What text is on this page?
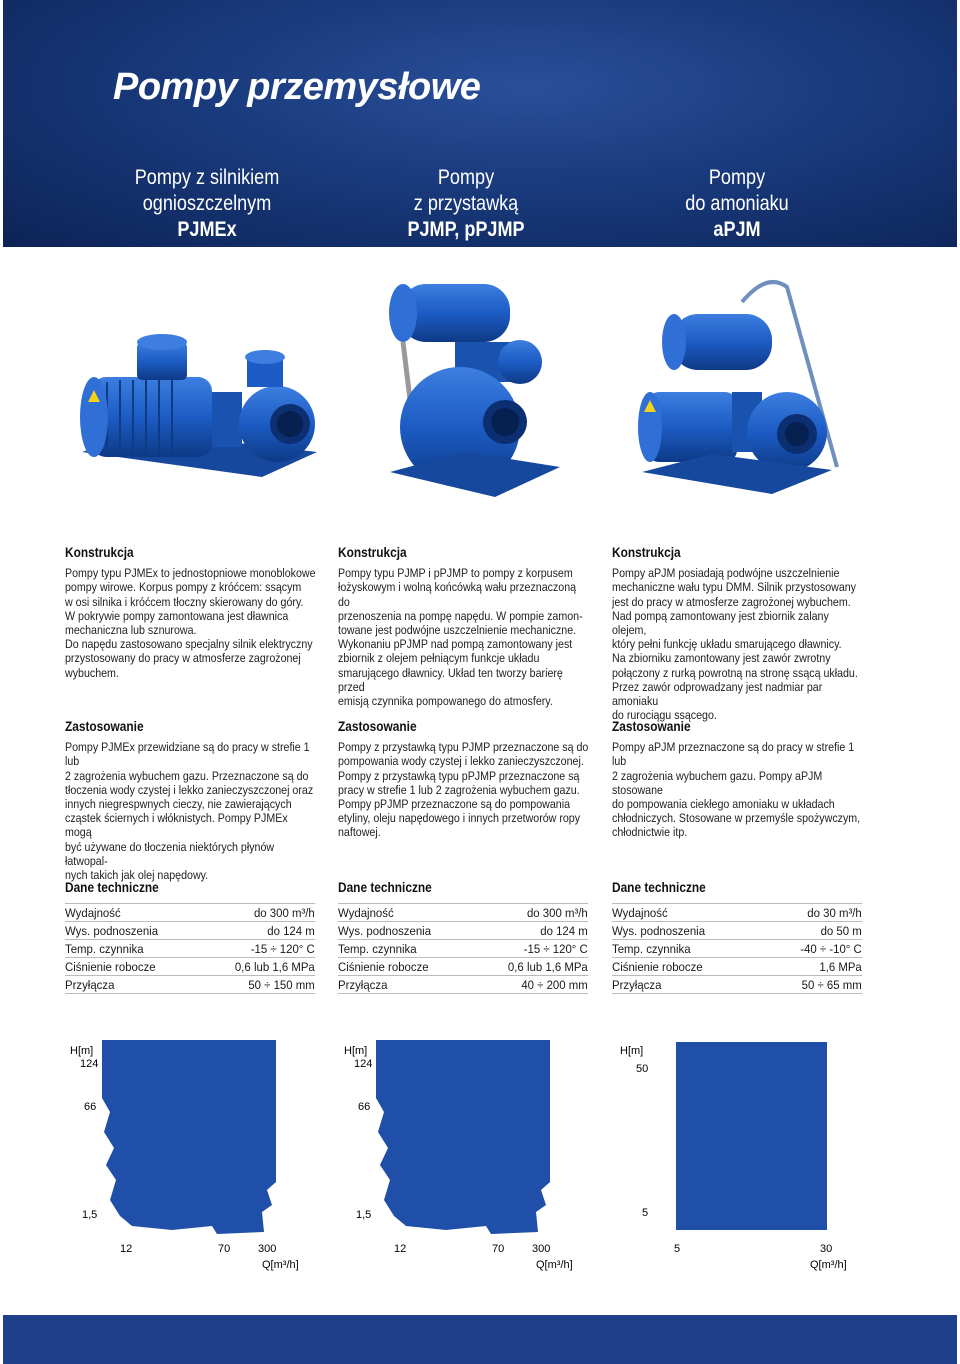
Pompy przemysłowe
Pompy z silnikiem
ognioszczelnym
PJMEx
Pompy
z przystawką
PJMP, pPJMP
Pompy
do amoniaku
aPJM
Konstrukcja
Pompy typu PJMEx to jednostopniowe monoblokowe
pompy wirowe. Korpus pompy z króćcem: ssącym
w osi silnika i króćcem tłoczny skierowany do góry.
W pokrywie pompy zamontowana jest dławnica
mechaniczna lub sznurowa.
Do napędu zastosowano specjalny silnik elektryczny
przystosowany do pracy w atmosferze zagrożonej
wybuchem.
Zastosowanie
Pompy PJMEx przewidziane są do pracy w strefie 1 lub
2 zagrożenia wybuchem gazu. Przeznaczone są do
tłoczenia wody czystej i lekko zanieczyszczonej oraz
innych niegrespwnych cieczy, nie zawierających
cząstek ściernych i włóknistych. Pompy PJMEx mogą
być używane do tłoczenia niektórych płynów łatwopal-
nych takich jak olej napędowy.
Dane techniczne
Wydajność	do 300 m³/h
Wys. podnoszenia	do 124 m
Temp. czynnika	-15 ÷ 120° C
Ciśnienie robocze	0,6 lub 1,6 MPa
Przyłącza	50 ÷ 150 mm
Konstrukcja
Pompy typu PJMP i pPJMP to pompy z korpusem
łożyskowym i wolną końcówką wału przeznaczoną do
przenoszenia na pompę napędu. W pompie zamon-
towane jest podwójne uszczelnienie mechaniczne.
Wykonaniu pPJMP nad pompą zamontowany jest
zbiornik z olejem pełniącym funkcje układu
smarującego dławnicy. Układ ten tworzy barierę przed
emisją czynnika pompowanego do atmosfery.
Zastosowanie
Pompy z przystawką typu PJMP przeznaczone są do
pompowania wody czystej i lekko zanieczyszczonej.
Pompy z przystawką typu pPJMP przeznaczone są
pracy w strefie 1 lub 2 zagrożenia wybuchem gazu.
Pompy pPJMP przeznaczone są do pompowania
etyliny, oleju napędowego i innych przetworów ropy
naftowej.
Dane techniczne
Wydajność	do 300 m³/h
Wys. podnoszenia	do 124 m
Temp. czynnika	-15 ÷ 120° C
Ciśnienie robocze	0,6 lub 1,6 MPa
Przyłącza	40 ÷ 200 mm
Konstrukcja
Pompy aPJM posiadają podwójne uszczelnienie
mechaniczne wału typu DMM. Silnik przystosowany
jest do pracy w atmosferze zagrożonej wybuchem.
Nad pompą zamontowany jest zbiornik zalany olejem,
który pełni funkcję układu smarującego dławnicy.
Na zbiorniku zamontowany jest zawór zwrotny
połączony z rurką powrotną na stronę ssącą układu.
Przez zawór odprowadzany jest nadmiar par amoniaku
do rurociągu ssącego.
Zastosowanie
Pompy aPJM przeznaczone są do pracy w strefie 1 lub
2 zagrożenia wybuchem gazu. Pompy aPJM stosowane
do pompowania ciekłego amoniaku w układach
chłodniczych. Stosowane w przemyśle spożywczym,
chłodnictwie itp.
Dane techniczne
Wydajność	do 30 m³/h
Wys. podnoszenia	do 50 m
Temp. czynnika	-40 ÷ -10° C
Ciśnienie robocze	1,6 MPa
Przyłącza	50 ÷ 65 mm
H[m]
124
66
1,5
12	70	300
Q[m³/h]
H[m]
124
66
1,5
12	70	300
Q[m³/h]
H[m]
50
5
5	30
Q[m³/h]
